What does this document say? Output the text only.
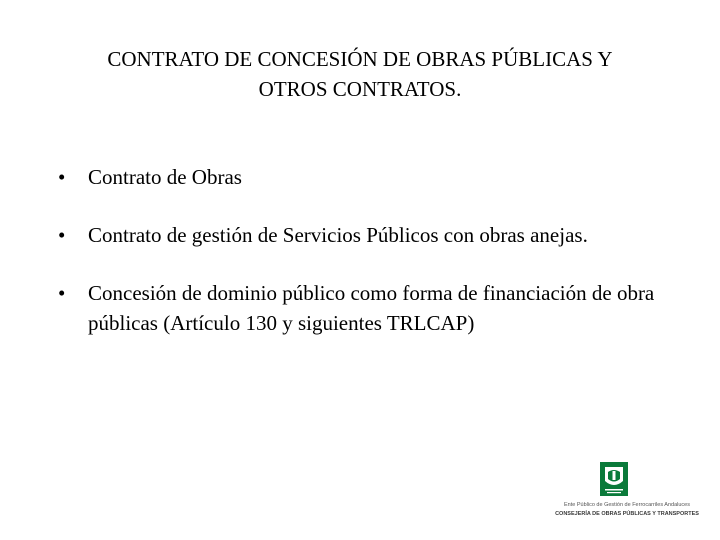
CONTRATO DE CONCESIÓN DE OBRAS PÚBLICAS Y
OTROS CONTRATOS.
• Contrato de Obras
• Contrato de gestión de Servicios Públicos con obras anejas.
• Concesión de dominio público como forma de financiación de obra públicas (Artículo 130 y siguientes TRLCAP)
Ente Público de Gestión de Ferrocarriles Andaluces
CONSEJERÍA DE OBRAS PÚBLICAS Y TRANSPORTES
